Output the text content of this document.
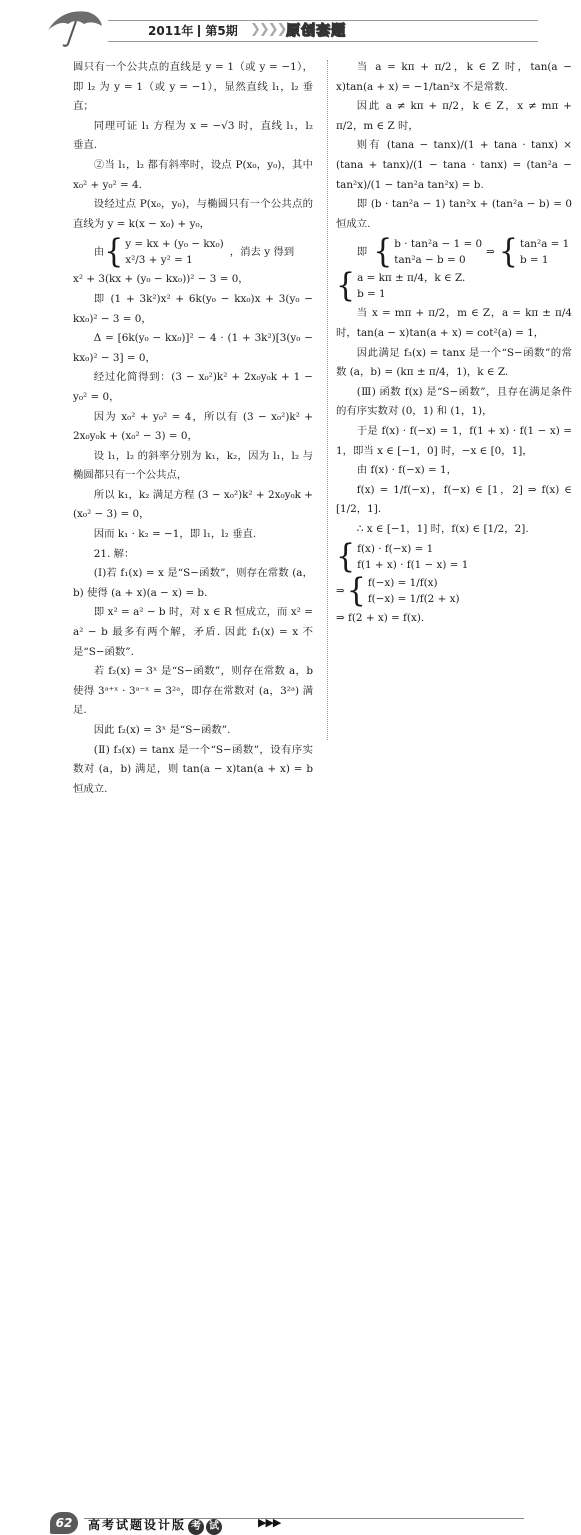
2011年 第5期 ❯❯❯❯❯
原创套题

圆只有一个公共点的直线是 y = 1（或 y = −1），即 l₂ 为 y = 1（或 y = −1），显然直线 l₁，l₂ 垂直；

同理可证 l₁ 方程为 x = −√3 时，直线 l₁，l₂ 垂直.

②当 l₁，l₂ 都有斜率时，设点 P(x₀，y₀)，其中 x₀² + y₀² = 4.

设经过点 P(x₀，y₀)，与椭圆只有一个公共点的直线为 y = k(x − x₀) + y₀，

由 { y = kx + (y₀ − kx₀)
x²/3 + y² = 1
，消去 y 得到

x² + 3(kx + (y₀ − kx₀))² − 3 = 0，

即 (1 + 3k²)x² + 6k(y₀ − kx₀)x + 3(y₀ − kx₀)² − 3 = 0，

Δ = [6k(y₀ − kx₀)]² − 4 · (1 + 3k²)[3(y₀ − kx₀)² − 3] = 0，

经过化简得到：(3 − x₀²)k² + 2x₀y₀k + 1 − y₀² = 0，

因为 x₀² + y₀² = 4，所以有 (3 − x₀²)k² + 2x₀y₀k + (x₀² − 3) = 0，

设 l₁，l₂ 的斜率分别为 k₁，k₂，因为 l₁，l₂ 与椭圆都只有一个公共点，

所以 k₁，k₂ 满足方程 (3 − x₀²)k² + 2x₀y₀k + (x₀² − 3) = 0，

因而 k₁ · k₂ = −1，即 l₁，l₂ 垂直.

21. 解：

(Ⅰ)若 f₁(x) = x 是“S−函数”，则存在常数 (a，b) 使得 (a + x)(a − x) = b.

即 x² = a² − b 时，对 x ∈ R 恒成立，而 x² = a² − b 最多有两个解，矛盾. 因此 f₁(x) = x 不是“S−函数”.

若 f₂(x) = 3ˣ 是“S−函数”，则存在常数 a，b 使得 3ᵃ⁺ˣ · 3ᵃ⁻ˣ = 3²ᵃ，即存在常数对 (a，3²ᵃ) 满足.

因此 f₂(x) = 3ˣ 是“S−函数”.

(Ⅱ) f₃(x) = tanx 是一个“S−函数”，设有序实数对 (a，b) 满足，则 tan(a − x)tan(a + x) = b 恒成立.

当 a = kπ + π/2，k ∈ Z 时，tan(a − x)tan(a + x) = −1/tan²x 不是常数.

因此 a ≠ kπ + π/2，k ∈ Z，x ≠ mπ + π/2，m ∈ Z 时，

则有 (tana − tanx)/(1 + tana · tanx) × (tana + tanx)/(1 − tana · tanx) = (tan²a − tan²x)/(1 − tan²a tan²x) = b.

即 (b · tan²a − 1) tan²x + (tan²a − b) = 0 恒成立.

即 { b · tan²a − 1 = 0
tan²a − b = 0
⇒ { tan²a = 1
b = 1
{ a = kπ ± π/4，k ∈ Z.
b = 1

当 x = mπ + π/2，m ∈ Z，a = kπ ± π/4 时，tan(a − x)tan(a + x) = cot²(a) = 1，

因此满足 f₃(x) = tanx 是一个“S−函数”的常数 (a，b) = (kπ ± π/4，1)，k ∈ Z.

(Ⅲ) 函数 f(x) 是“S−函数”，且存在满足条件的有序实数对 (0，1) 和 (1，1)，

于是 f(x) · f(−x) = 1，f(1 + x) · f(1 − x) = 1，即当 x ∈ [−1，0] 时，−x ∈ [0，1]，

由 f(x) · f(−x) = 1，

f(x) = 1/f(−x)，f(−x) ∈ [1，2] ⇒ f(x) ∈ [1/2，1].

∴ x ∈ [−1，1] 时，f(x) ∈ [1/2，2].

{ f(x) · f(−x) = 1
f(1 + x) · f(1 − x) = 1
⇒ { f(−x) = 1/f(x)
f(−x) = 1/f(2 + x)

⇒ f(2 + x) = f(x).

62	高考试题设计版 考 试	▶▶▶
